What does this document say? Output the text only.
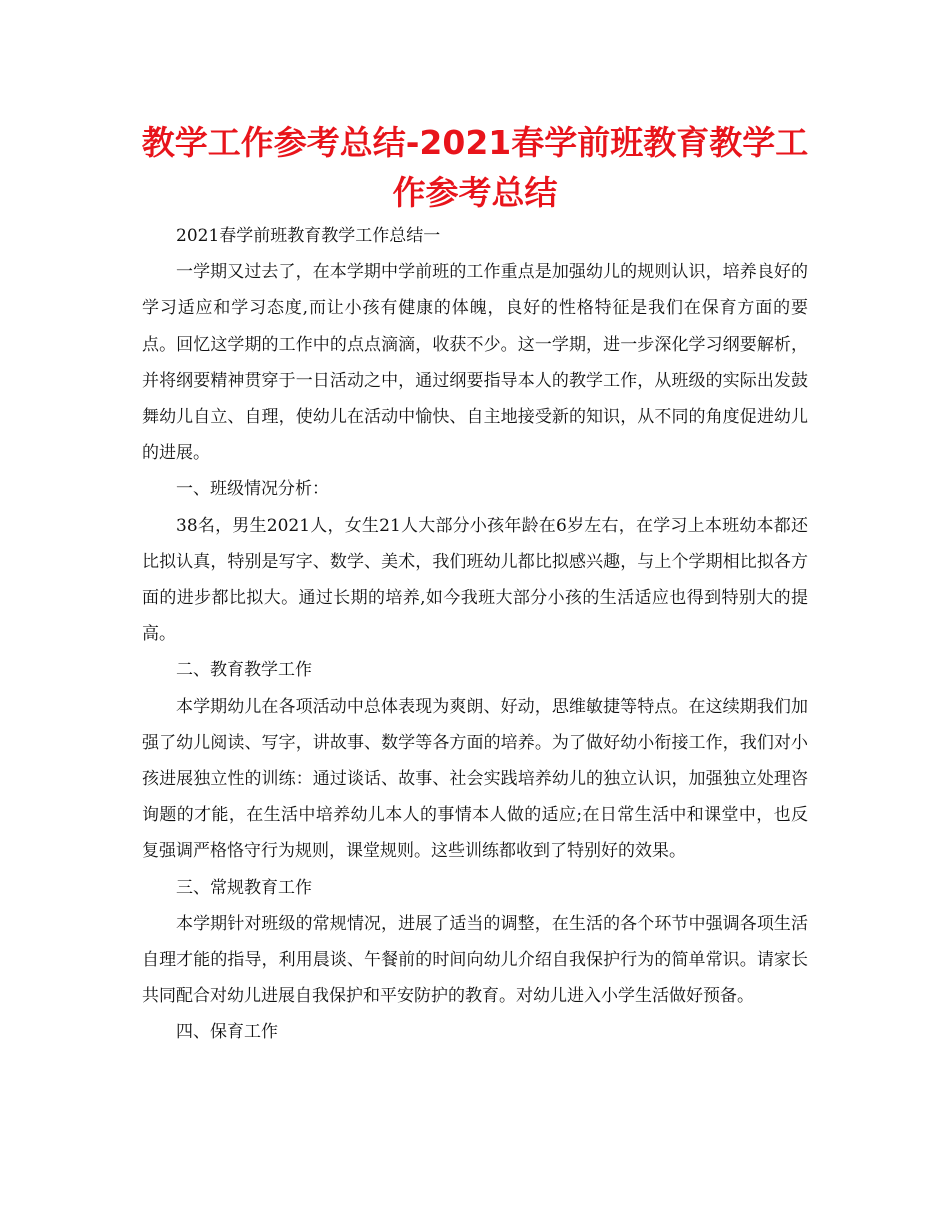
教学工作参考总结-2021春学前班教育教学工作参考总结

2021春学前班教育教学工作总结一

一学期又过去了，在本学期中学前班的工作重点是加强幼儿的规则认识，培养良好的学习适应和学习态度,而让小孩有健康的体魄，良好的性格特征是我们在保育方面的要点。回忆这学期的工作中的点点滴滴，收获不少。这一学期，进一步深化学习纲要解析，并将纲要精神贯穿于一日活动之中，通过纲要指导本人的教学工作，从班级的实际出发鼓舞幼儿自立、自理，使幼儿在活动中愉快、自主地接受新的知识，从不同的角度促进幼儿的进展。

一、班级情况分析：

38名，男生2021人，女生21人大部分小孩年龄在6岁左右，在学习上本班幼本都还比拟认真，特别是写字、数学、美术，我们班幼儿都比拟感兴趣，与上个学期相比拟各方面的进步都比拟大。通过长期的培养,如今我班大部分小孩的生活适应也得到特别大的提高。

二、教育教学工作

本学期幼儿在各项活动中总体表现为爽朗、好动，思维敏捷等特点。在这续期我们加强了幼儿阅读、写字，讲故事、数学等各方面的培养。为了做好幼小衔接工作，我们对小孩进展独立性的训练：通过谈话、故事、社会实践培养幼儿的独立认识，加强独立处理咨询题的才能，在生活中培养幼儿本人的事情本人做的适应;在日常生活中和课堂中，也反复强调严格恪守行为规则，课堂规则。这些训练都收到了特别好的效果。

三、常规教育工作

本学期针对班级的常规情况，进展了适当的调整，在生活的各个环节中强调各项生活自理才能的指导，利用晨谈、午餐前的时间向幼儿介绍自我保护行为的简单常识。请家长共同配合对幼儿进展自我保护和平安防护的教育。对幼儿进入小学生活做好预备。

四、保育工作
